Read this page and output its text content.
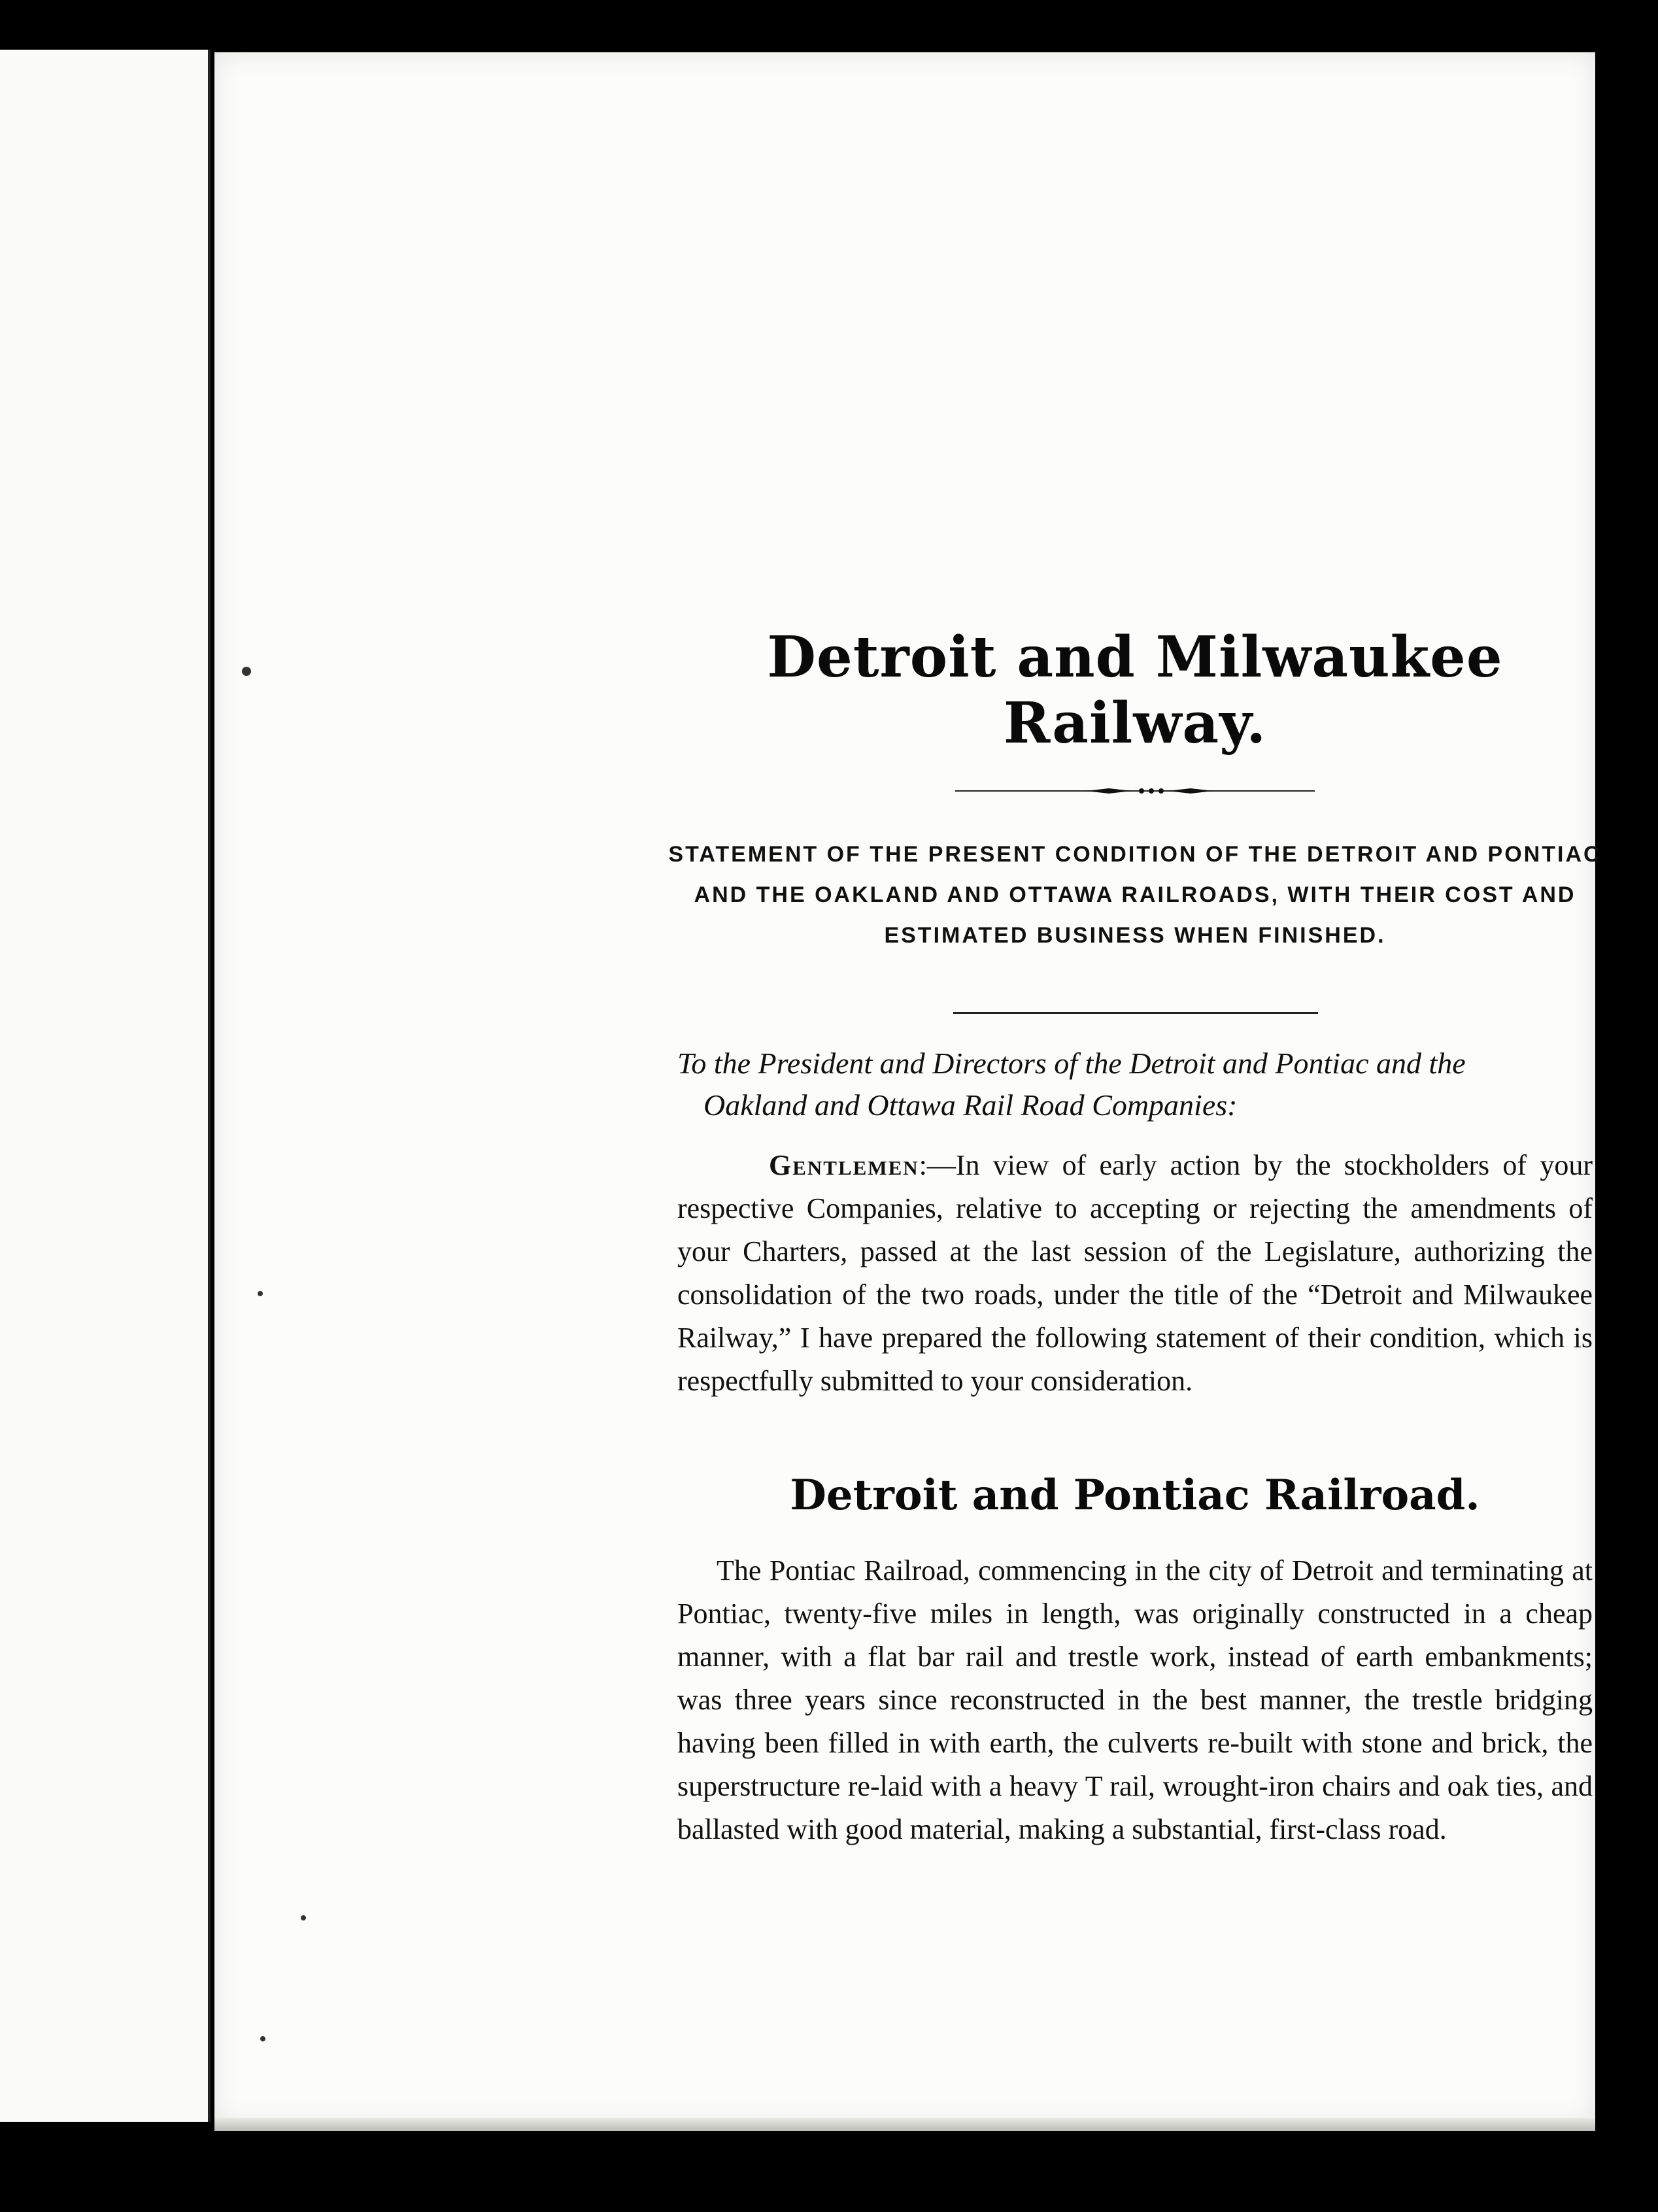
Detroit and Milwaukee Railway.

STATEMENT OF THE PRESENT CONDITION OF THE DETROIT AND PONTIAC AND THE OAKLAND AND OTTAWA RAILROADS, WITH THEIR COST AND ESTIMATED BUSINESS WHEN FINISHED.

To the President and Directors of the Detroit and Pontiac and the
Oakland and Ottawa Rail Road Companies:

Gentlemen:—In view of early action by the stockholders of your respective Companies, relative to accepting or rejecting the amendments of your Charters, passed at the last session of the Legislature, authorizing the consolidation of the two roads, under the title of the “Detroit and Milwaukee Railway,” I have prepared the following statement of their condition, which is respectfully submitted to your consideration.

Detroit and Pontiac Railroad.

The Pontiac Railroad, commencing in the city of Detroit and terminating at Pontiac, twenty-five miles in length, was originally constructed in a cheap manner, with a flat bar rail and trestle work, instead of earth embankments; was three years since reconstructed in the best manner, the trestle bridging having been filled in with earth, the culverts re-built with stone and brick, the superstructure re-laid with a heavy T rail, wrought-iron chairs and oak ties, and ballasted with good material, making a substantial, first-class road.
